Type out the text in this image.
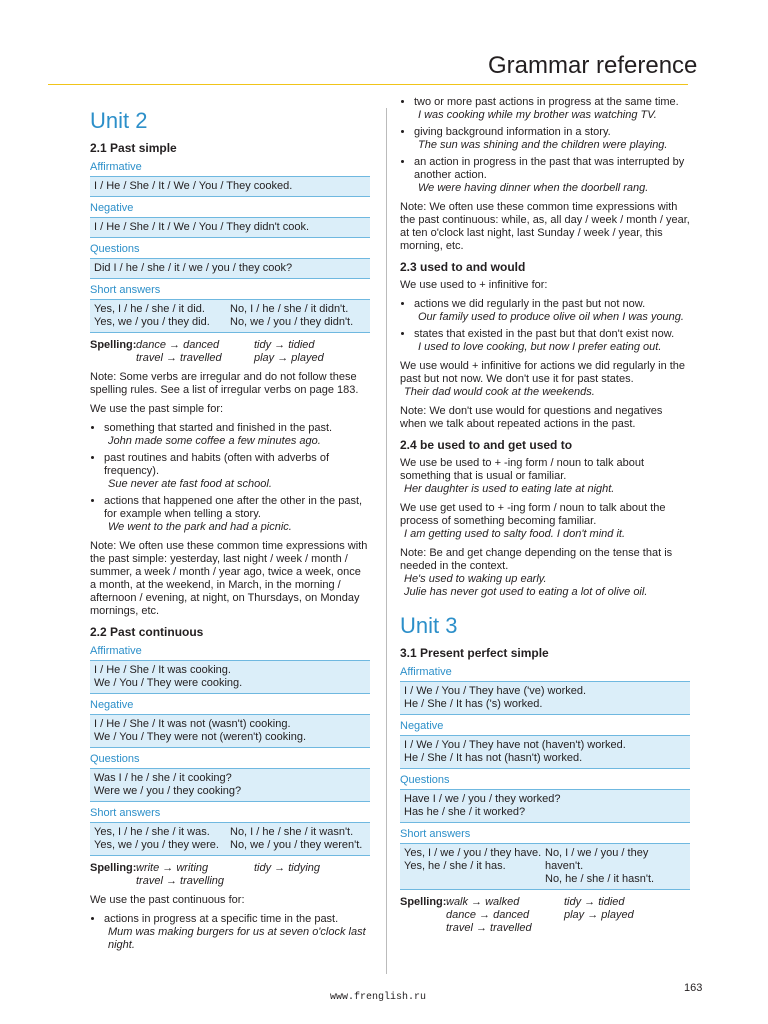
Grammar reference
Unit 2
2.1 Past simple
Affirmative
I / He / She / It / We / You / They cooked.
Negative
I / He / She / It / We / You / They didn't cook.
Questions
Did I / he / she / it / we / you / they cook?
Short answers
Yes, I / he / she / it did.
Yes, we / you / they did.
No, I / he / she / it didn't.
No, we / you / they didn't.
Spelling: dance → danced
travel → travelled
tidy → tidied
play → played

Note: Some verbs are irregular and do not follow these spelling rules. See a list of irregular verbs on page 183.

We use the past simple for:

• something that started and finished in the past.
John made some coffee a few minutes ago.
• past routines and habits (often with adverbs of frequency).
Sue never ate fast food at school.
• actions that happened one after the other in the past, for example when telling a story.
We went to the park and had a picnic.

Note: We often use these common time expressions with the past simple: yesterday, last night / week / month / summer, a week / month / year ago, twice a week, once a month, at the weekend, in March, in the morning / afternoon / evening, at night, on Thursdays, on Monday mornings, etc.

2.2 Past continuous
Affirmative
I / He / She / It was cooking.
We / You / They were cooking.
Negative
I / He / She / It was not (wasn't) cooking.
We / You / They were not (weren't) cooking.
Questions
Was I / he / she / it cooking?
Were we / you / they cooking?
Short answers
Yes, I / he / she / it was.
Yes, we / you / they were.
No, I / he / she / it wasn't.
No, we / you / they weren't.
Spelling: write → writing
travel → travelling
tidy → tidying

We use the past continuous for:

• actions in progress at a specific time in the past.
Mum was making burgers for us at seven o'clock last night.
• two or more past actions in progress at the same time.
I was cooking while my brother was watching TV.
• giving background information in a story.
The sun was shining and the children were playing.
• an action in progress in the past that was interrupted by another action.
We were having dinner when the doorbell rang.

Note: We often use these common time expressions with the past continuous: while, as, all day / week / month / year, at ten o'clock last night, last Sunday / week / year, this morning, etc.

2.3 used to and would

We use used to + infinitive for:

• actions we did regularly in the past but not now.
Our family used to produce olive oil when I was young.
• states that existed in the past but that don't exist now.
I used to love cooking, but now I prefer eating out.

We use would + infinitive for actions we did regularly in the past but not now. We don't use it for past states.
Their dad would cook at the weekends.

Note: We don't use would for questions and negatives when we talk about repeated actions in the past.

2.4 be used to and get used to

We use be used to + -ing form / noun to talk about something that is usual or familiar.
Her daughter is used to eating late at night.

We use get used to + -ing form / noun to talk about the process of something becoming familiar.
I am getting used to salty food. I don't mind it.

Note: Be and get change depending on the tense that is needed in the context.
He's used to waking up early.
Julie has never got used to eating a lot of olive oil.

Unit 3
3.1 Present perfect simple
Affirmative
I / We / You / They have ('ve) worked.
He / She / It has ('s) worked.
Negative
I / We / You / They have not (haven't) worked.
He / She / It has not (hasn't) worked.
Questions
Have I / we / you / they worked?
Has he / she / it worked?
Short answers
Yes, I / we / you / they have.
Yes, he / she / it has.
No, I / we / you / they haven't.
No, he / she / it hasn't.
Spelling: walk → walked
dance → danced
travel → travelled
tidy → tidied
play → played
163
www.frenglish.ru
